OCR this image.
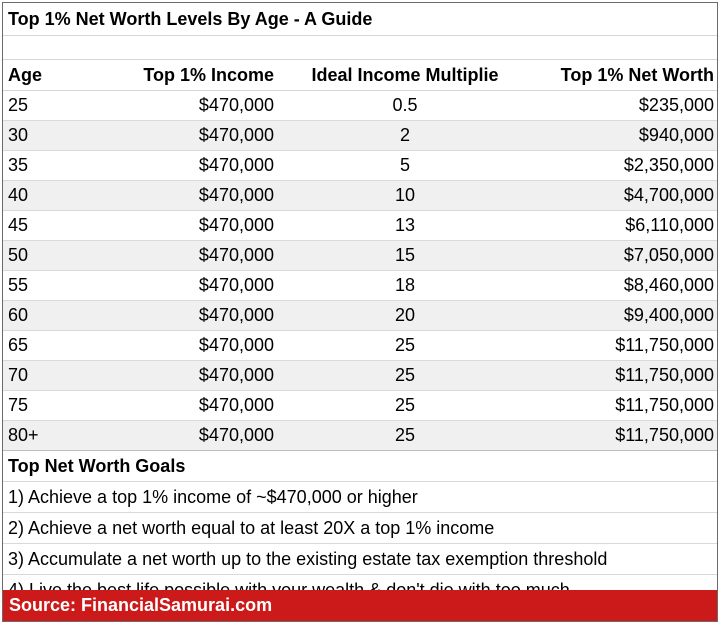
Top 1% Net Worth Levels By Age - A Guide
Age	Top 1% Income	Ideal Income Multiplie	Top 1% Net Worth
25	$470,000	0.5	$235,000
30	$470,000	2	$940,000
35	$470,000	5	$2,350,000
40	$470,000	10	$4,700,000
45	$470,000	13	$6,110,000
50	$470,000	15	$7,050,000
55	$470,000	18	$8,460,000
60	$470,000	20	$9,400,000
65	$470,000	25	$11,750,000
70	$470,000	25	$11,750,000
75	$470,000	25	$11,750,000
80+	$470,000	25	$11,750,000
Top Net Worth Goals
1) Achieve a top 1% income of ~$470,000 or higher
2) Achieve a net worth equal to at least 20X a top 1% income
3) Accumulate a net worth up to the existing estate tax exemption threshold
Source: FinancialSamurai.com
